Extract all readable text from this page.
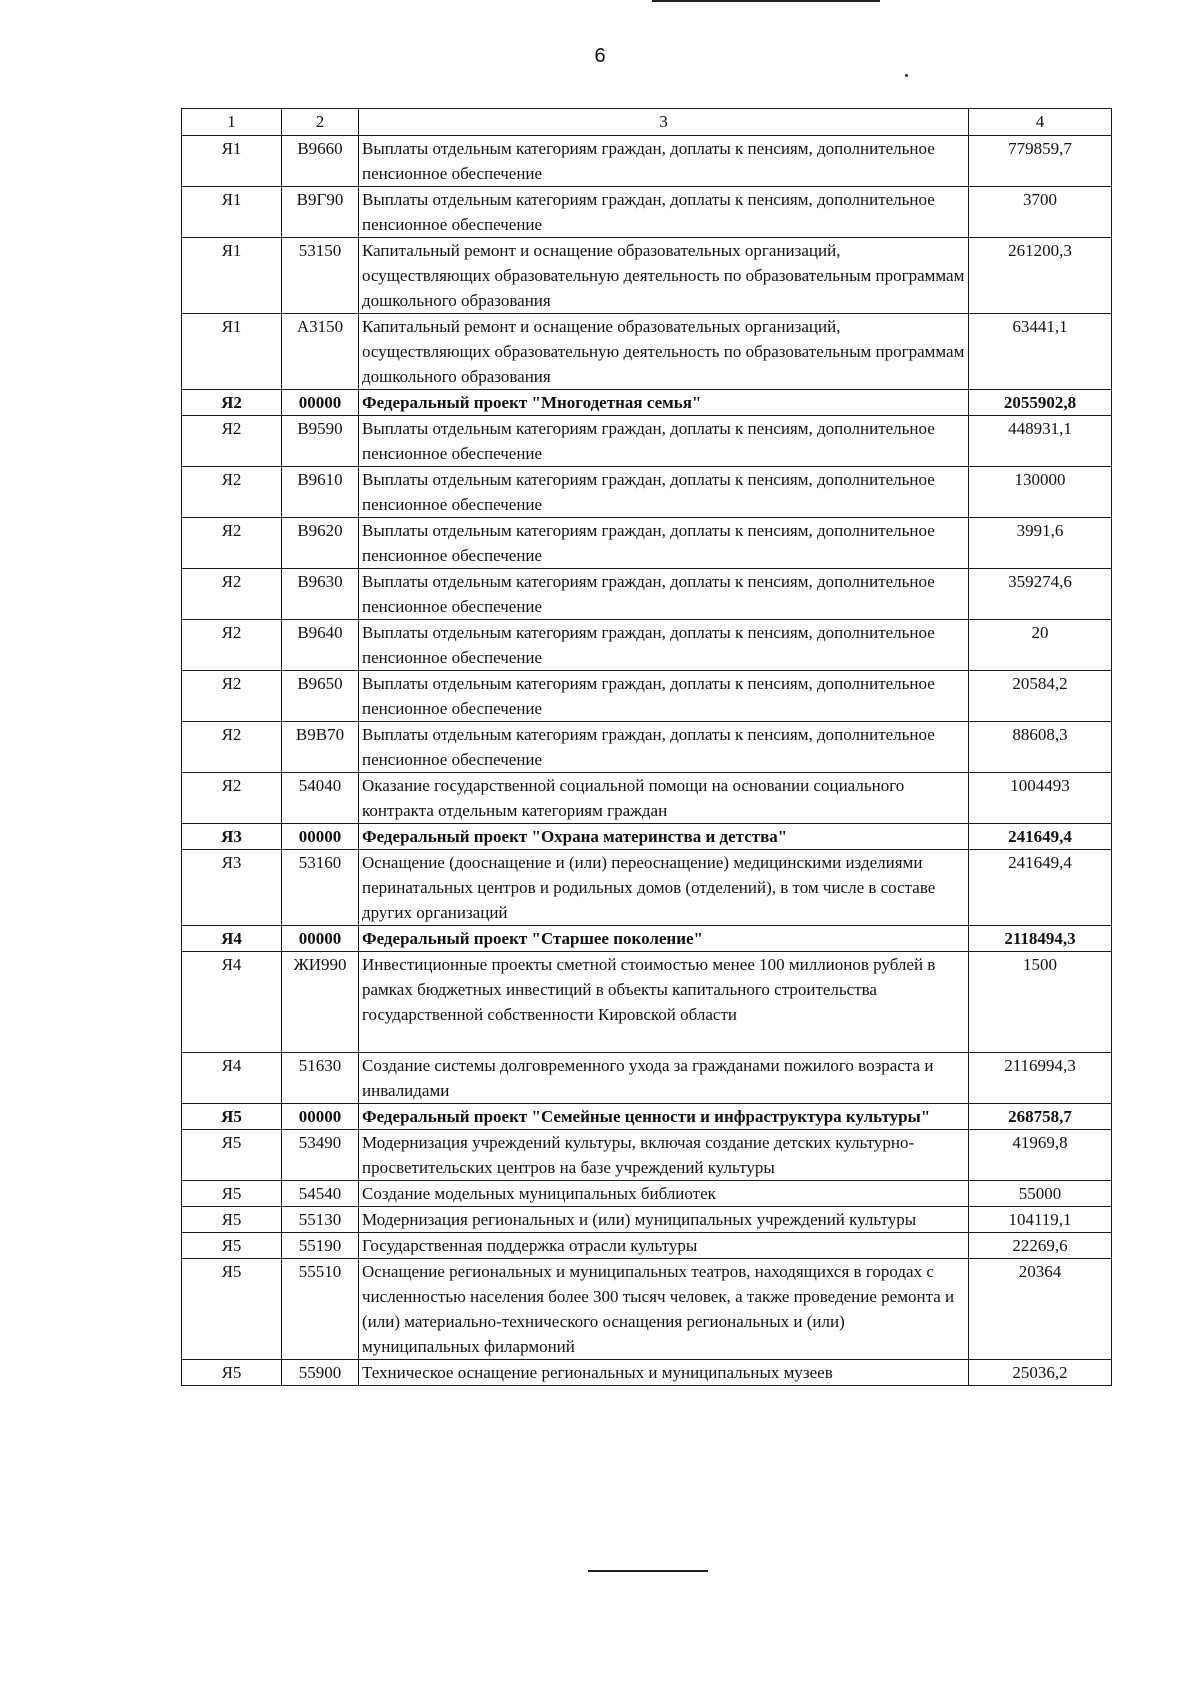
6
1	2	3	4
Я1	В9660	Выплаты отдельным категориям граждан, доплаты к пенсиям, дополнительное пенсионное обеспечение	779859,7
Я1	В9Г90	Выплаты отдельным категориям граждан, доплаты к пенсиям, дополнительное пенсионное обеспечение	3700
Я1	53150	Капитальный ремонт и оснащение образовательных организаций, осуществляющих образовательную деятельность по образовательным программам дошкольного образования	261200,3
Я1	А3150	Капитальный ремонт и оснащение образовательных организаций, осуществляющих образовательную деятельность по образовательным программам дошкольного образования	63441,1
Я2	00000	Федеральный проект "Многодетная семья"	2055902,8
Я2	В9590	Выплаты отдельным категориям граждан, доплаты к пенсиям, дополнительное пенсионное обеспечение	448931,1
Я2	В9610	Выплаты отдельным категориям граждан, доплаты к пенсиям, дополнительное пенсионное обеспечение	130000
Я2	В9620	Выплаты отдельным категориям граждан, доплаты к пенсиям, дополнительное пенсионное обеспечение	3991,6
Я2	В9630	Выплаты отдельным категориям граждан, доплаты к пенсиям, дополнительное пенсионное обеспечение	359274,6
Я2	В9640	Выплаты отдельным категориям граждан, доплаты к пенсиям, дополнительное пенсионное обеспечение	20
Я2	В9650	Выплаты отдельным категориям граждан, доплаты к пенсиям, дополнительное пенсионное обеспечение	20584,2
Я2	В9В70	Выплаты отдельным категориям граждан, доплаты к пенсиям, дополнительное пенсионное обеспечение	88608,3
Я2	54040	Оказание государственной социальной помощи на основании социального контракта отдельным категориям граждан	1004493
Я3	00000	Федеральный проект "Охрана материнства и детства"	241649,4
Я3	53160	Оснащение (дооснащение и (или) переоснащение) медицинскими изделиями перинатальных центров и родильных домов (отделений), в том числе в составе других организаций	241649,4
Я4	00000	Федеральный проект "Старшее поколение"	2118494,3
Я4	ЖИ990	Инвестиционные проекты сметной стоимостью менее 100 миллионов рублей в рамках бюджетных инвестиций в объекты капитального строительства государственной собственности Кировской области	1500
Я4	51630	Создание системы долговременного ухода за гражданами пожилого возраста и инвалидами	2116994,3
Я5	00000	Федеральный проект "Семейные ценности и инфраструктура культуры"	268758,7
Я5	53490	Модернизация учреждений культуры, включая создание детских культурно-просветительских центров на базе учреждений культуры	41969,8
Я5	54540	Создание модельных муниципальных библиотек	55000
Я5	55130	Модернизация региональных и (или) муниципальных учреждений культуры	104119,1
Я5	55190	Государственная поддержка отрасли культуры	22269,6
Я5	55510	Оснащение региональных и муниципальных театров, находящихся в городах с численностью населения более 300 тысяч человек, а также проведение ремонта и (или) материально-технического оснащения региональных и (или) муниципальных филармоний	20364
Я5	55900	Техническое оснащение региональных и муниципальных музеев	25036,2
